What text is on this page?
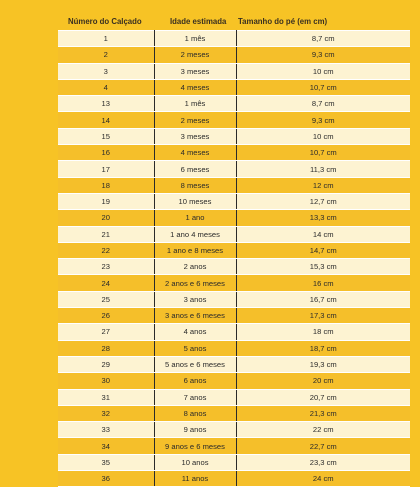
Número do Calçado	Idade estimada	Tamanho do pé (em cm)
1	1 mês	8,7 cm
2	2 meses	9,3 cm
3	3 meses	10 cm
4	4 meses	10,7 cm
13	1 mês	8,7 cm
14	2 meses	9,3 cm
15	3 meses	10 cm
16	4 meses	10,7 cm
17	6 meses	11,3 cm
18	8 meses	12 cm
19	10 meses	12,7 cm
20	1 ano	13,3 cm
21	1 ano 4 meses	14 cm
22	1 ano e 8 meses	14,7 cm
23	2 anos	15,3 cm
24	2 anos e 6 meses	16 cm
25	3 anos	16,7 cm
26	3 anos e 6 meses	17,3 cm
27	4 anos	18 cm
28	5 anos	18,7 cm
29	5 anos e 6 meses	19,3 cm
30	6 anos	20 cm
31	7 anos	20,7 cm
32	8 anos	21,3 cm
33	9 anos	22 cm
34	9 anos e 6 meses	22,7 cm
35	10 anos	23,3 cm
36	11 anos	24 cm
